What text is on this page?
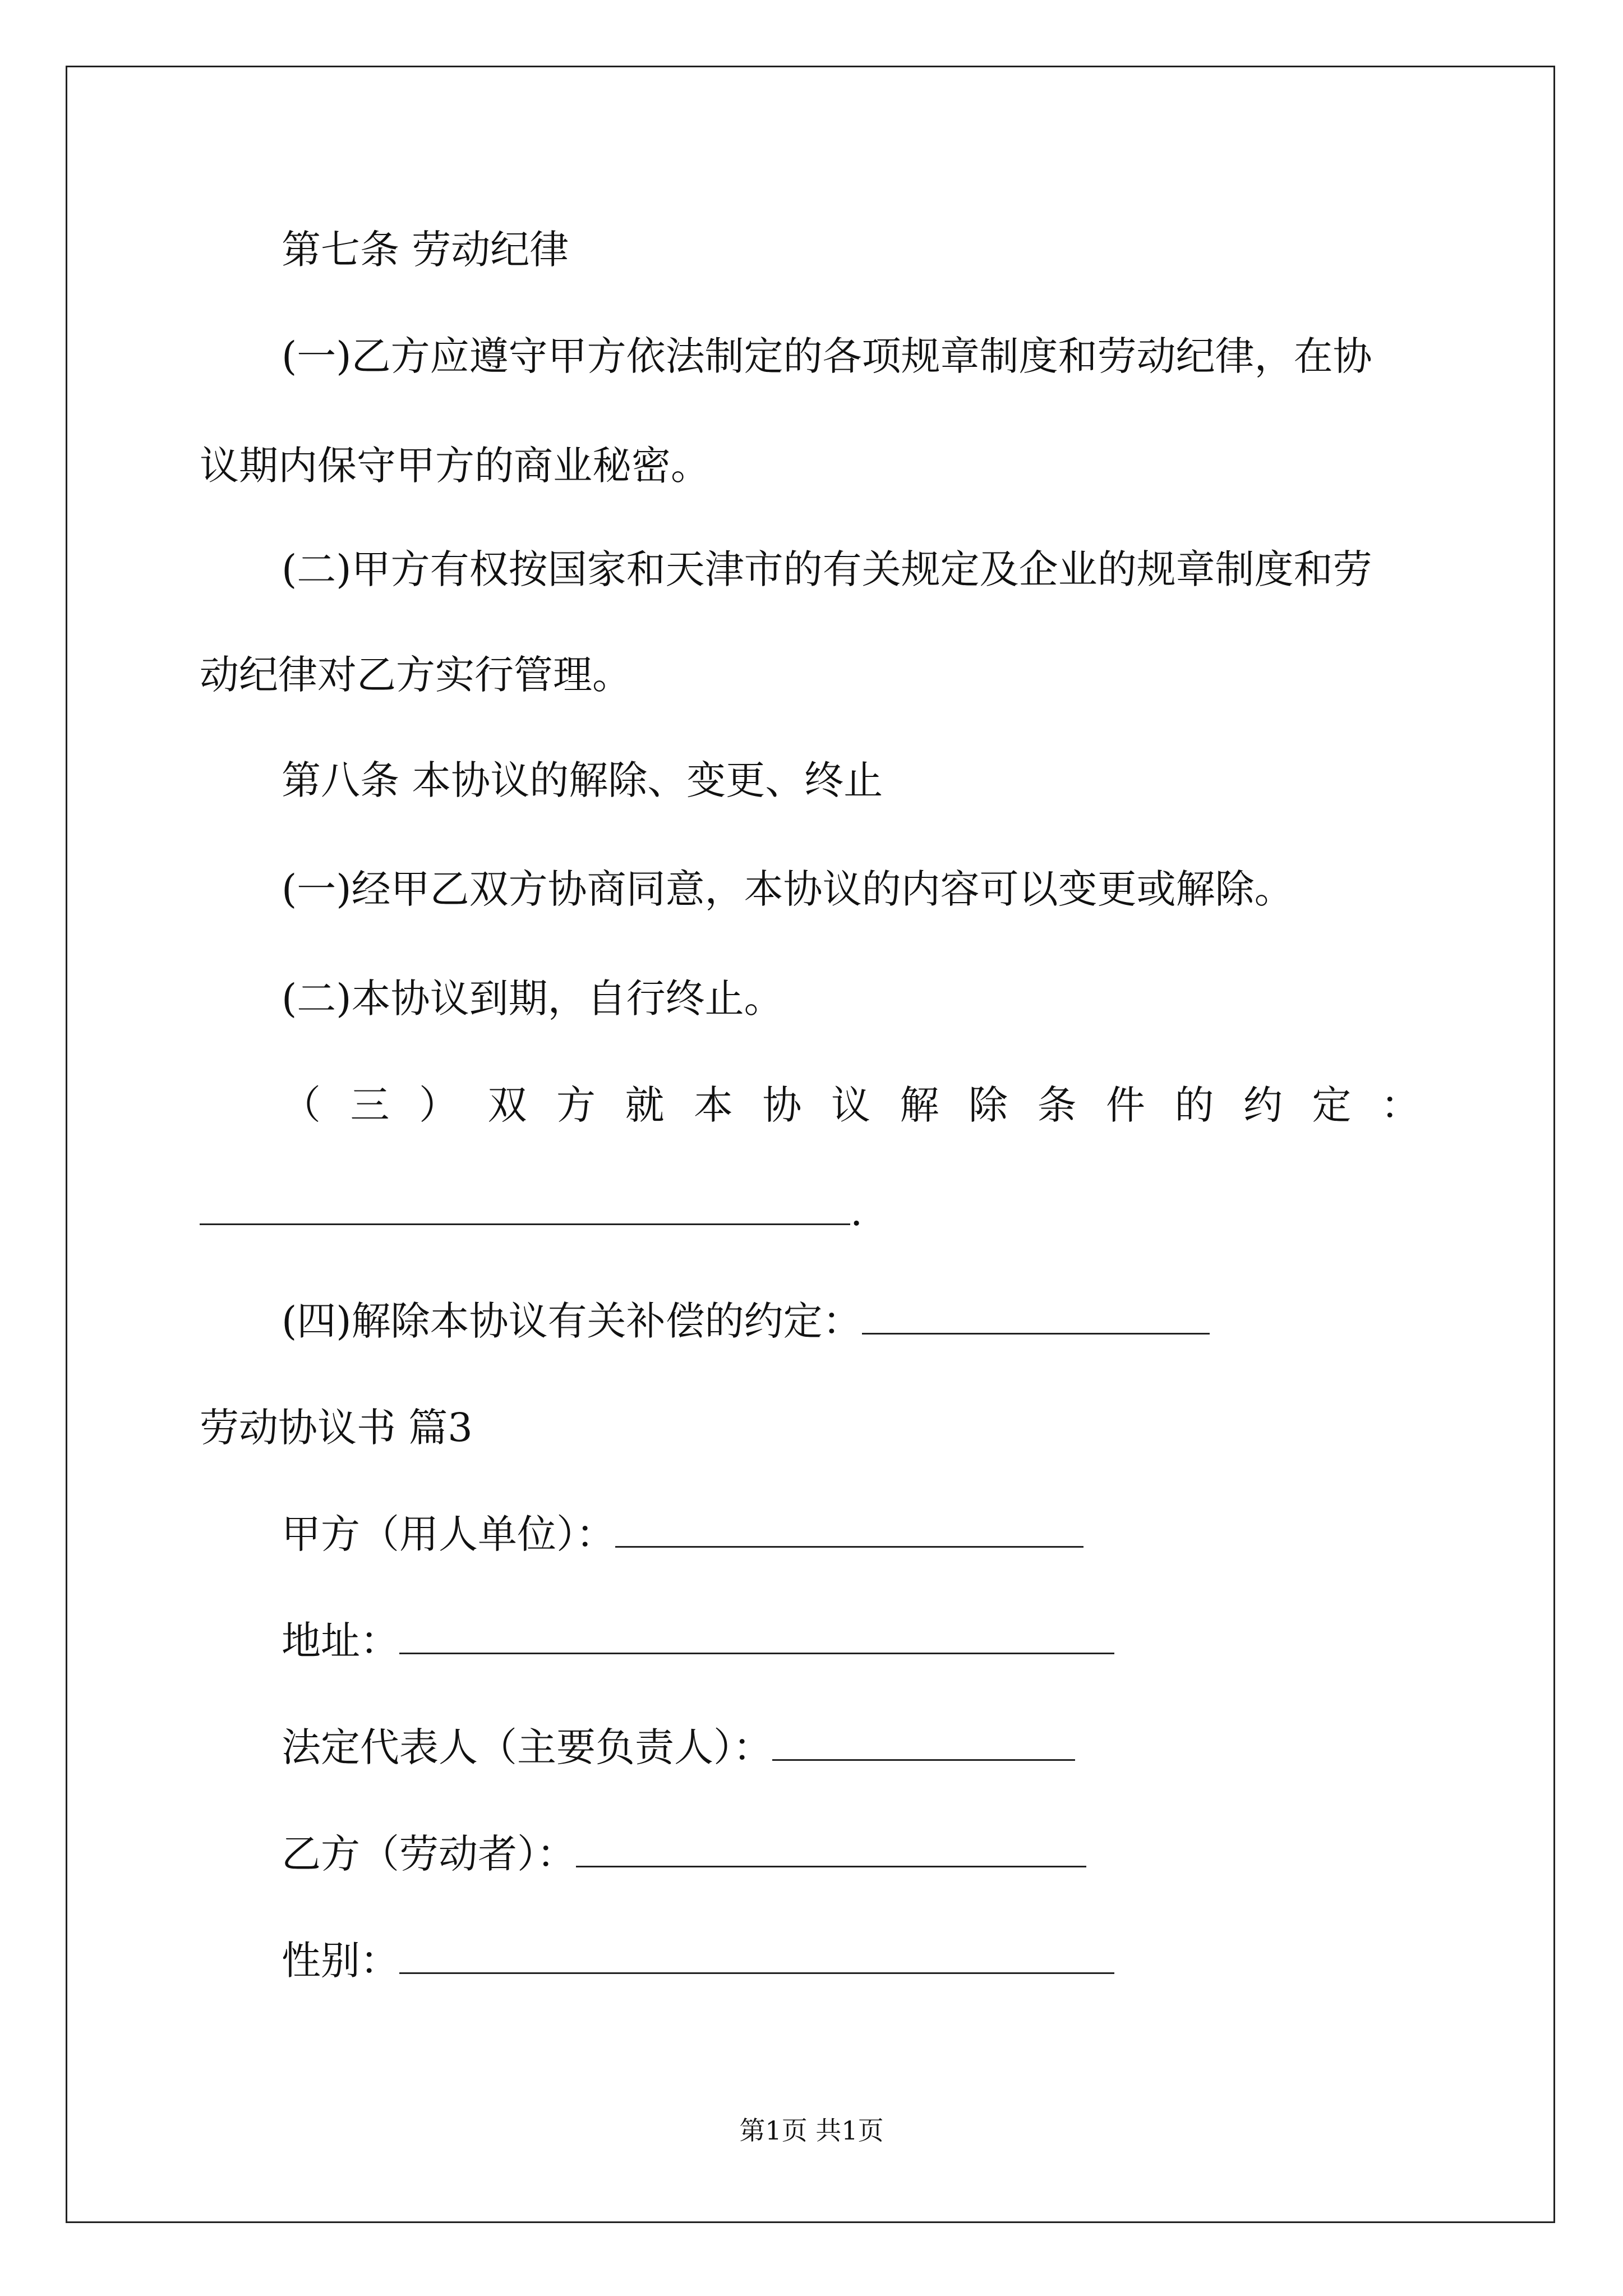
第七条 劳动纪律
(一)乙方应遵守甲方依法制定的各项规章制度和劳动纪律，在协
议期内保守甲方的商业秘密。
(二)甲方有权按国家和天津市的有关规定及企业的规章制度和劳
动纪律对乙方实行管理。
第八条 本协议的解除、变更、终止
(一)经甲乙双方协商同意，本协议的内容可以变更或解除。
(二)本协议到期，自行终止。
（ 三 ） 双 方 就 本 协 议 解 除 条 件 的 约 定 ：
.
(四)解除本协议有关补偿的约定：
劳动协议书 篇3
甲方（用人单位）：
地址：
法定代表人（主要负责人）：
乙方（劳动者）：
性别：
第1页 共1页
